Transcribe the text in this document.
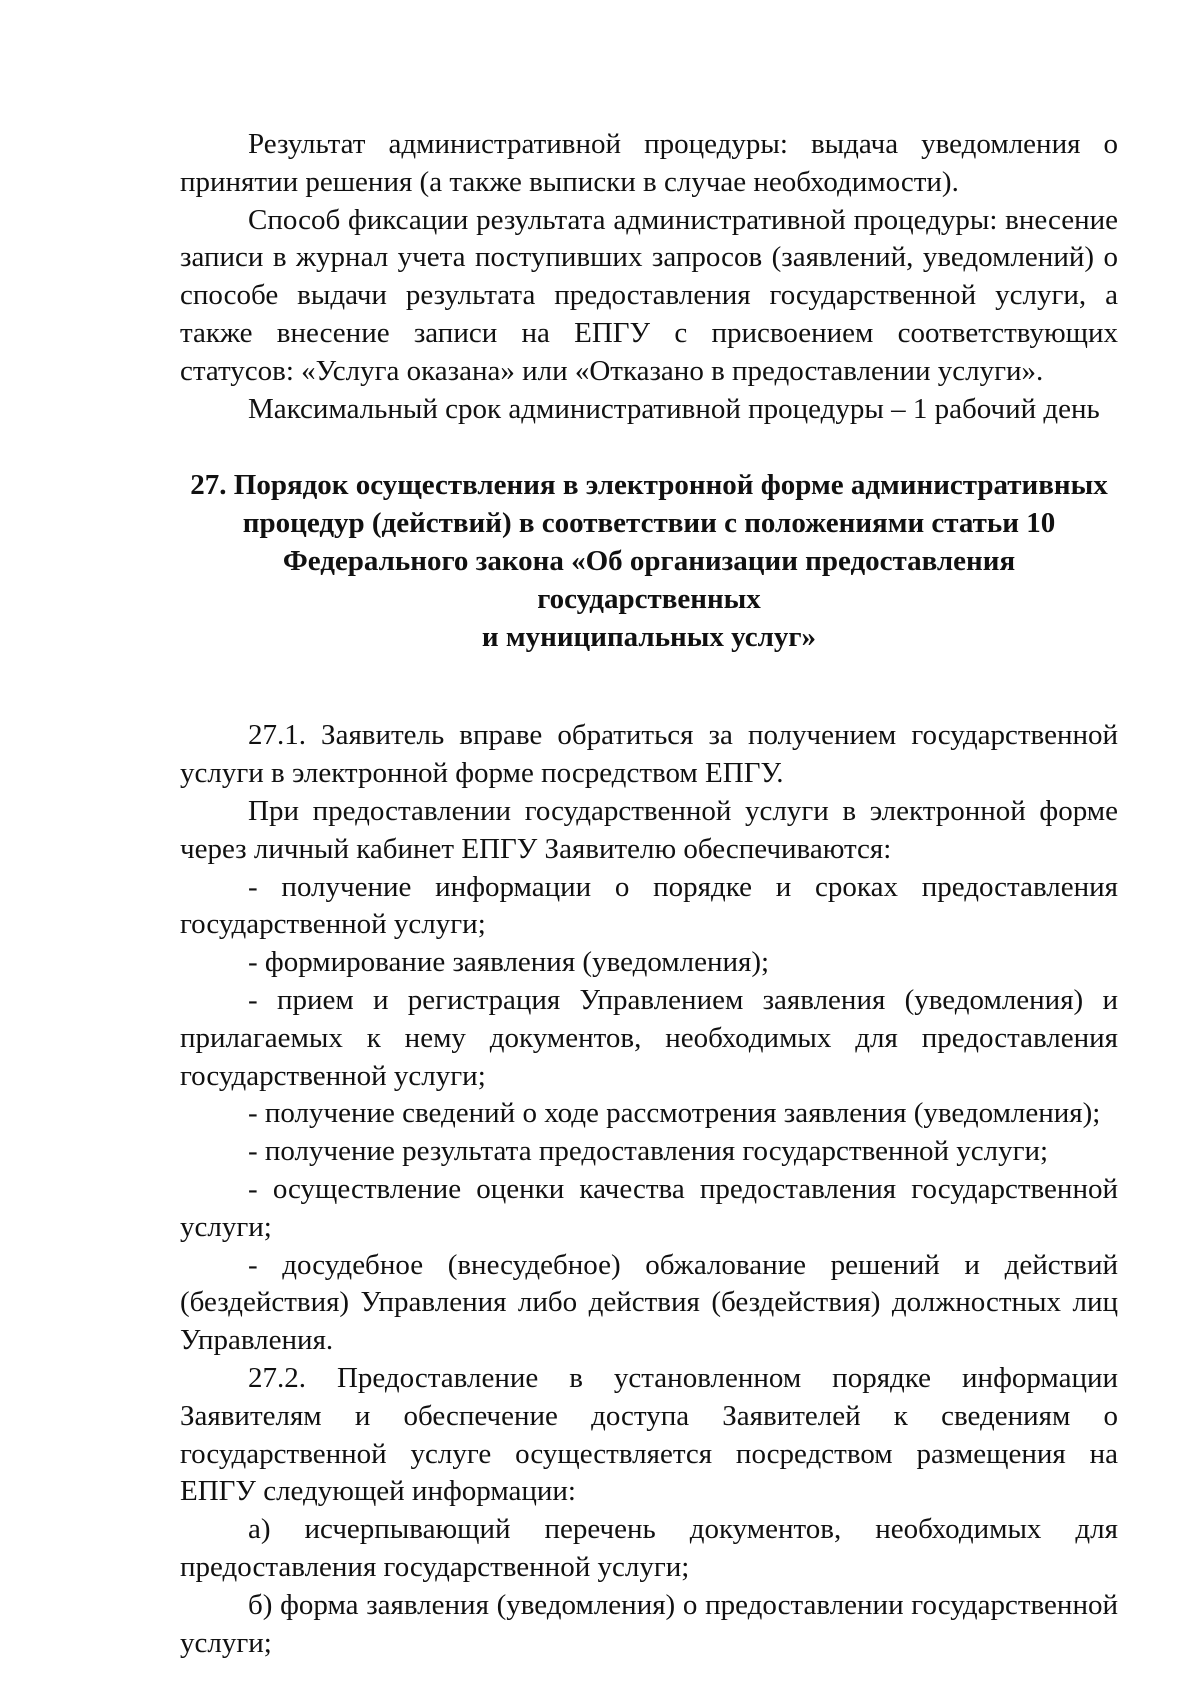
Результат административной процедуры: выдача уведомления о принятии решения (а также выписки в случае необходимости).

Способ фиксации результата административной процедуры: внесение записи в журнал учета поступивших запросов (заявлений, уведомлений) о способе выдачи результата предоставления государственной услуги, а также внесение записи на ЕПГУ с присвоением соответствующих статусов: «Услуга оказана» или «Отказано в предоставлении услуги».

Максимальный срок административной процедуры – 1 рабочий день

27. Порядок осуществления в электронной форме административных
процедур (действий) в соответствии с положениями статьи 10
Федерального закона «Об организации предоставления государственных
и муниципальных услуг»

27.1. Заявитель вправе обратиться за получением государственной услуги в электронной форме посредством ЕПГУ.

При предоставлении государственной услуги в электронной форме через личный кабинет ЕПГУ Заявителю обеспечиваются:

- получение информации о порядке и сроках предоставления государственной услуги;

- формирование заявления (уведомления);

- прием и регистрация Управлением заявления (уведомления) и прилагаемых к нему документов, необходимых для предоставления государственной услуги;

- получение сведений о ходе рассмотрения заявления (уведомления);

- получение результата предоставления государственной услуги;

- осуществление оценки качества предоставления государственной услуги;

- досудебное (внесудебное) обжалование решений и действий (бездействия) Управления либо действия (бездействия) должностных лиц Управления.

27.2. Предоставление в установленном порядке информации Заявителям и обеспечение доступа Заявителей к сведениям о государственной услуге осуществляется посредством размещения на ЕПГУ следующей информации:

а) исчерпывающий перечень документов, необходимых для предоставления государственной услуги;

б) форма заявления (уведомления) о предоставлении государственной услуги;
